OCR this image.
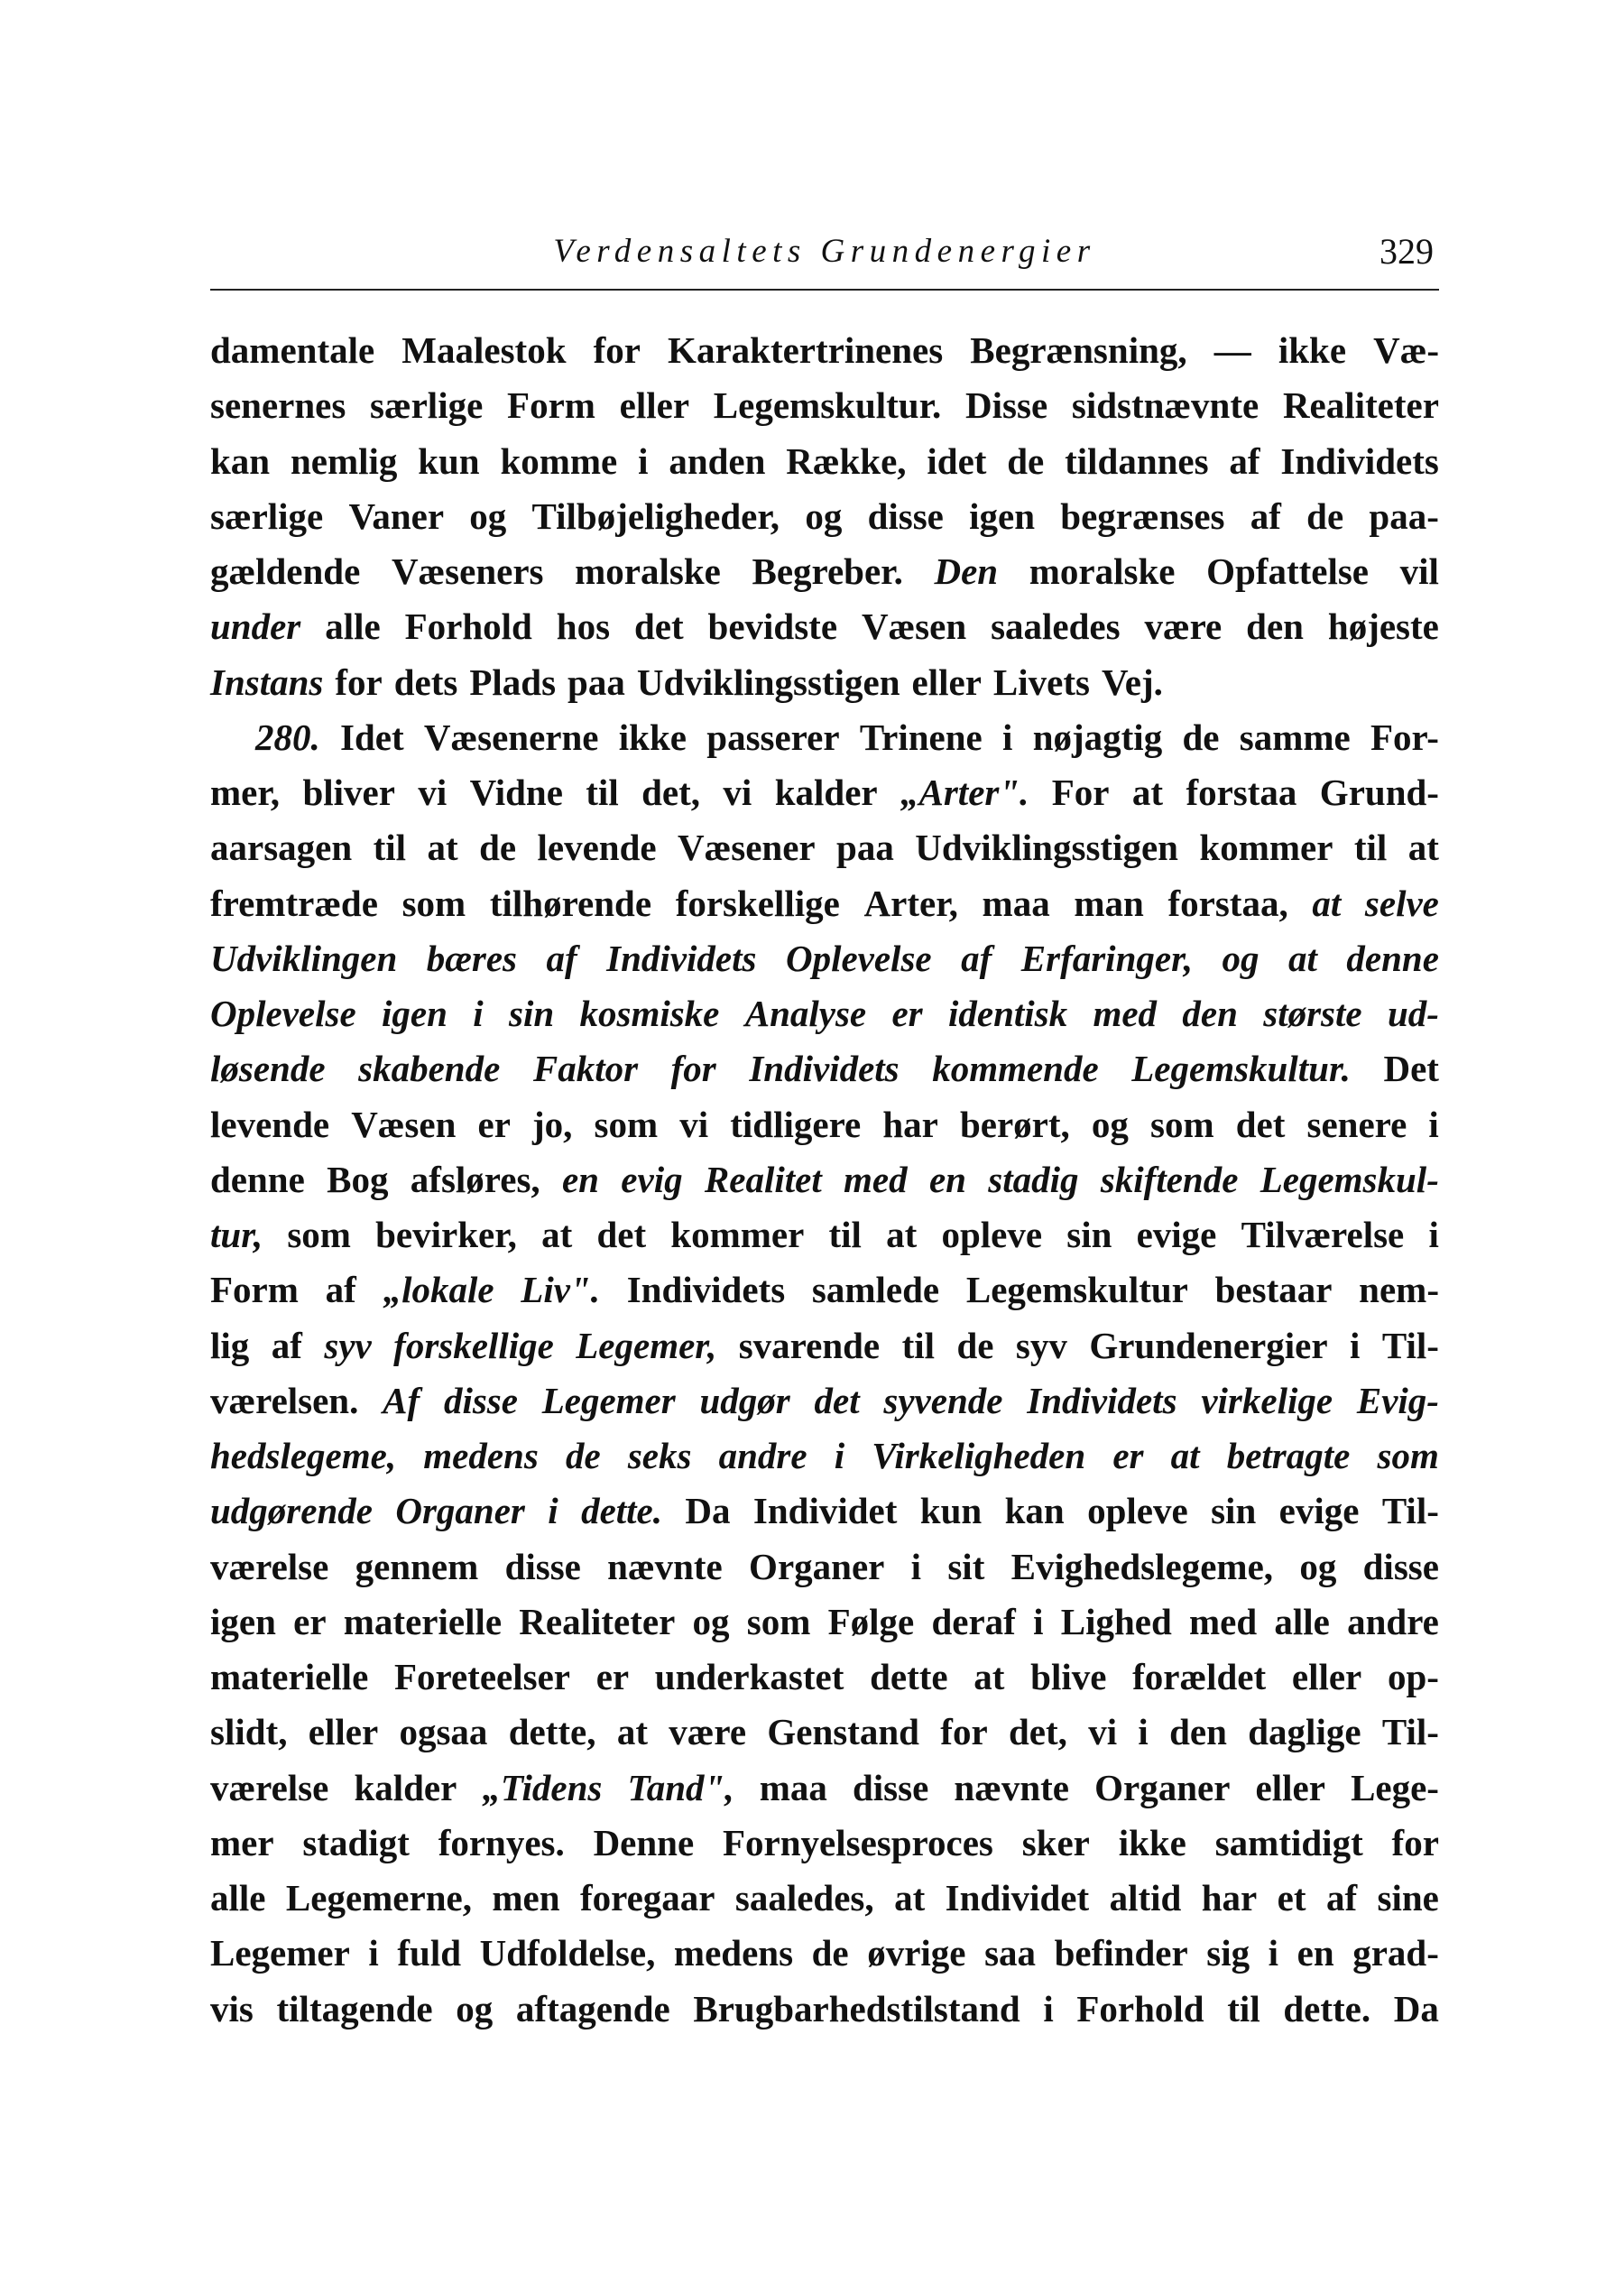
Verdensaltets Grundenergier	329
damentale Maalestok for Karaktertrinenes Begrænsning, — ikke Væ-
senernes særlige Form eller Legemskultur. Disse sidstnævnte Realiteter
kan nemlig kun komme i anden Række, idet de tildannes af Individets
særlige Vaner og Tilbøjeligheder, og disse igen begrænses af de paa-
gældende Væseners moralske Begreber. Den moralske Opfattelse vil
under alle Forhold hos det bevidste Væsen saaledes være den højeste
Instans for dets Plads paa Udviklingsstigen eller Livets Vej.
280. Idet Væsenerne ikke passerer Trinene i nøjagtig de samme For-
mer, bliver vi Vidne til det, vi kalder „Arter". For at forstaa Grund-
aarsagen til at de levende Væsener paa Udviklingsstigen kommer til at
fremtræde som tilhørende forskellige Arter, maa man forstaa, at selve
Udviklingen bæres af Individets Oplevelse af Erfaringer, og at denne
Oplevelse igen i sin kosmiske Analyse er identisk med den største ud-
løsende skabende Faktor for Individets kommende Legemskultur. Det
levende Væsen er jo, som vi tidligere har berørt, og som det senere i
denne Bog afsløres, en evig Realitet med en stadig skiftende Legemskul-
tur, som bevirker, at det kommer til at opleve sin evige Tilværelse i
Form af „lokale Liv". Individets samlede Legemskultur bestaar nem-
lig af syv forskellige Legemer, svarende til de syv Grundenergier i Til-
værelsen. Af disse Legemer udgør det syvende Individets virkelige Evig-
hedslegeme, medens de seks andre i Virkeligheden er at betragte som
udgørende Organer i dette. Da Individet kun kan opleve sin evige Til-
værelse gennem disse nævnte Organer i sit Evighedslegeme, og disse
igen er materielle Realiteter og som Følge deraf i Lighed med alle andre
materielle Foreteelser er underkastet dette at blive forældet eller op-
slidt, eller ogsaa dette, at være Genstand for det, vi i den daglige Til-
værelse kalder „Tidens Tand", maa disse nævnte Organer eller Lege-
mer stadigt fornyes. Denne Fornyelsesproces sker ikke samtidigt for
alle Legemerne, men foregaar saaledes, at Individet altid har et af sine
Legemer i fuld Udfoldelse, medens de øvrige saa befinder sig i en grad-
vis tiltagende og aftagende Brugbarhedstilstand i Forhold til dette. Da
